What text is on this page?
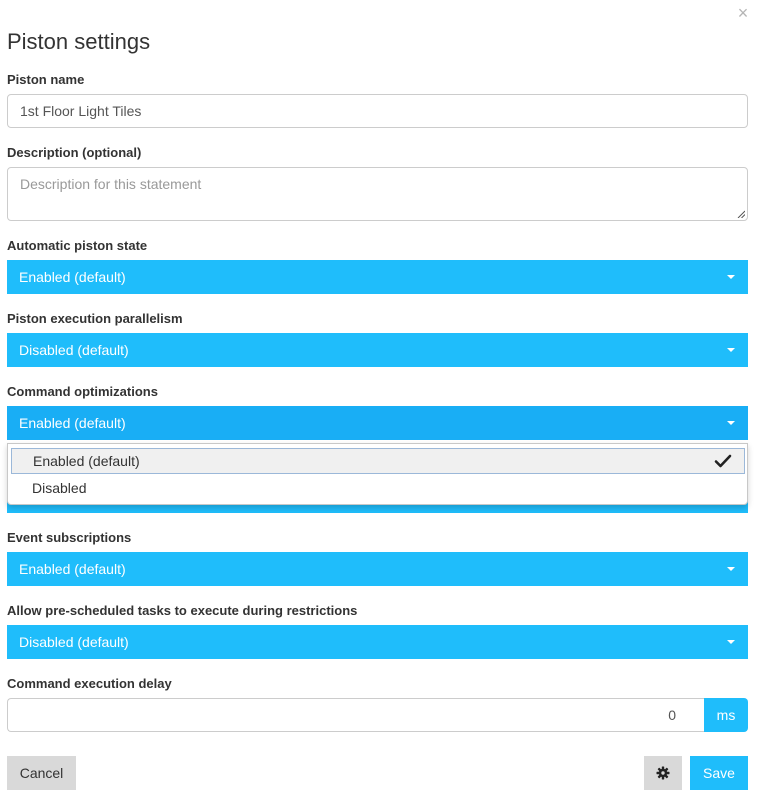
×
Piston settings
Piston name
1st Floor Light Tiles
Description (optional)
Description for this statement
Automatic piston state
Enabled (default)
Piston execution parallelism
Disabled (default)
Command optimizations
Enabled (default)
Enabled (default)
Disabled
Event subscriptions
Enabled (default)
Allow pre-scheduled tasks to execute during restrictions
Disabled (default)
Command execution delay
0	ms
Cancel	Save
